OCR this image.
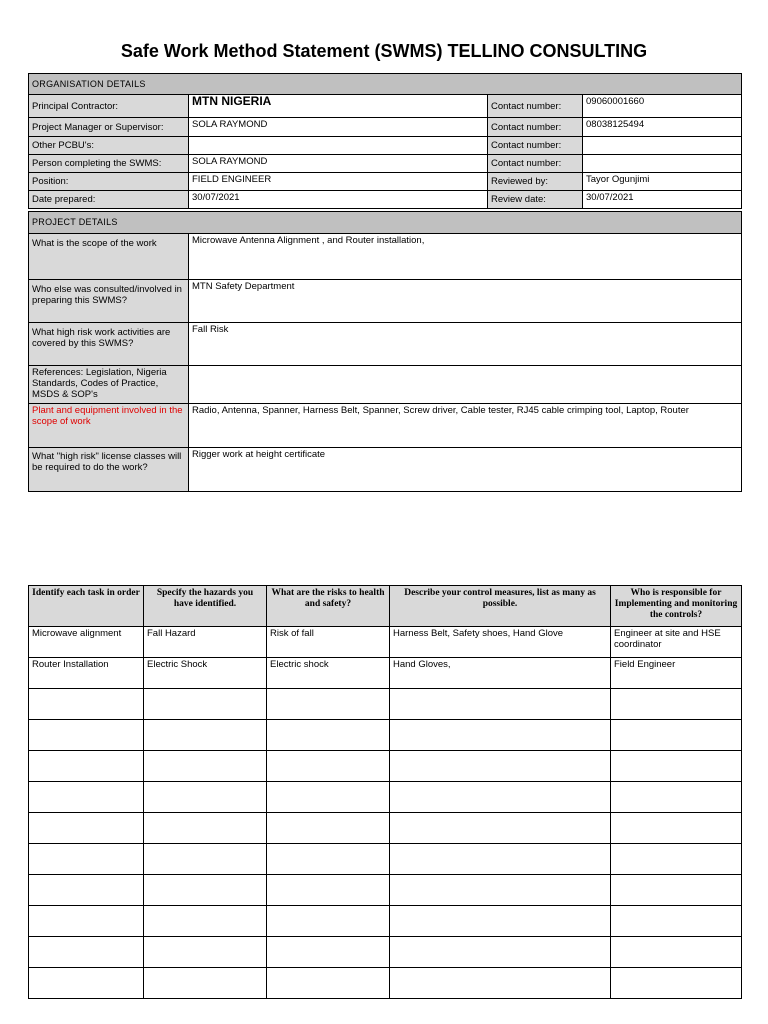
Safe Work Method Statement (SWMS) TELLINO CONSULTING
ORGANISATION DETAILS			
Principal Contractor:	MTN NIGERIA	Contact number:	09060001660
Project Manager or Supervisor:	SOLA RAYMOND	Contact number:	08038125494
Other PCBU's:		Contact number:	
Person completing the SWMS:	SOLA RAYMOND	Contact number:	
Position:	FIELD ENGINEER	Reviewed by:	Tayor Ogunjimi
Date prepared:	30/07/2021	Review date:	30/07/2021
PROJECT DETAILS	
What is the scope of the work	Microwave Antenna Alignment , and Router installation,
Who else was consulted/involved in preparing this SWMS?	MTN Safety Department
What high risk work activities are covered by this SWMS?	Fall Risk
References: Legislation, Nigeria Standards, Codes of Practice, MSDS & SOP's	
Plant and equipment involved in the scope of work	Radio, Antenna, Spanner, Harness Belt, Spanner, Screw driver, Cable tester, RJ45 cable crimping tool, Laptop, Router
What "high risk" license classes will be required to do the work?	Rigger work at height certificate
Identify each task in order	Specify the hazards you have identified.	What are the risks to health and safety?	Describe your control measures, list as many as possible.	Who is responsible for Implementing and monitoring the controls?
Microwave alignment	Fall Hazard	Risk of fall	Harness Belt, Safety shoes, Hand Glove	Engineer at site and HSE coordinator
Router Installation	Electric Shock	Electric shock	Hand Gloves,	Field Engineer
